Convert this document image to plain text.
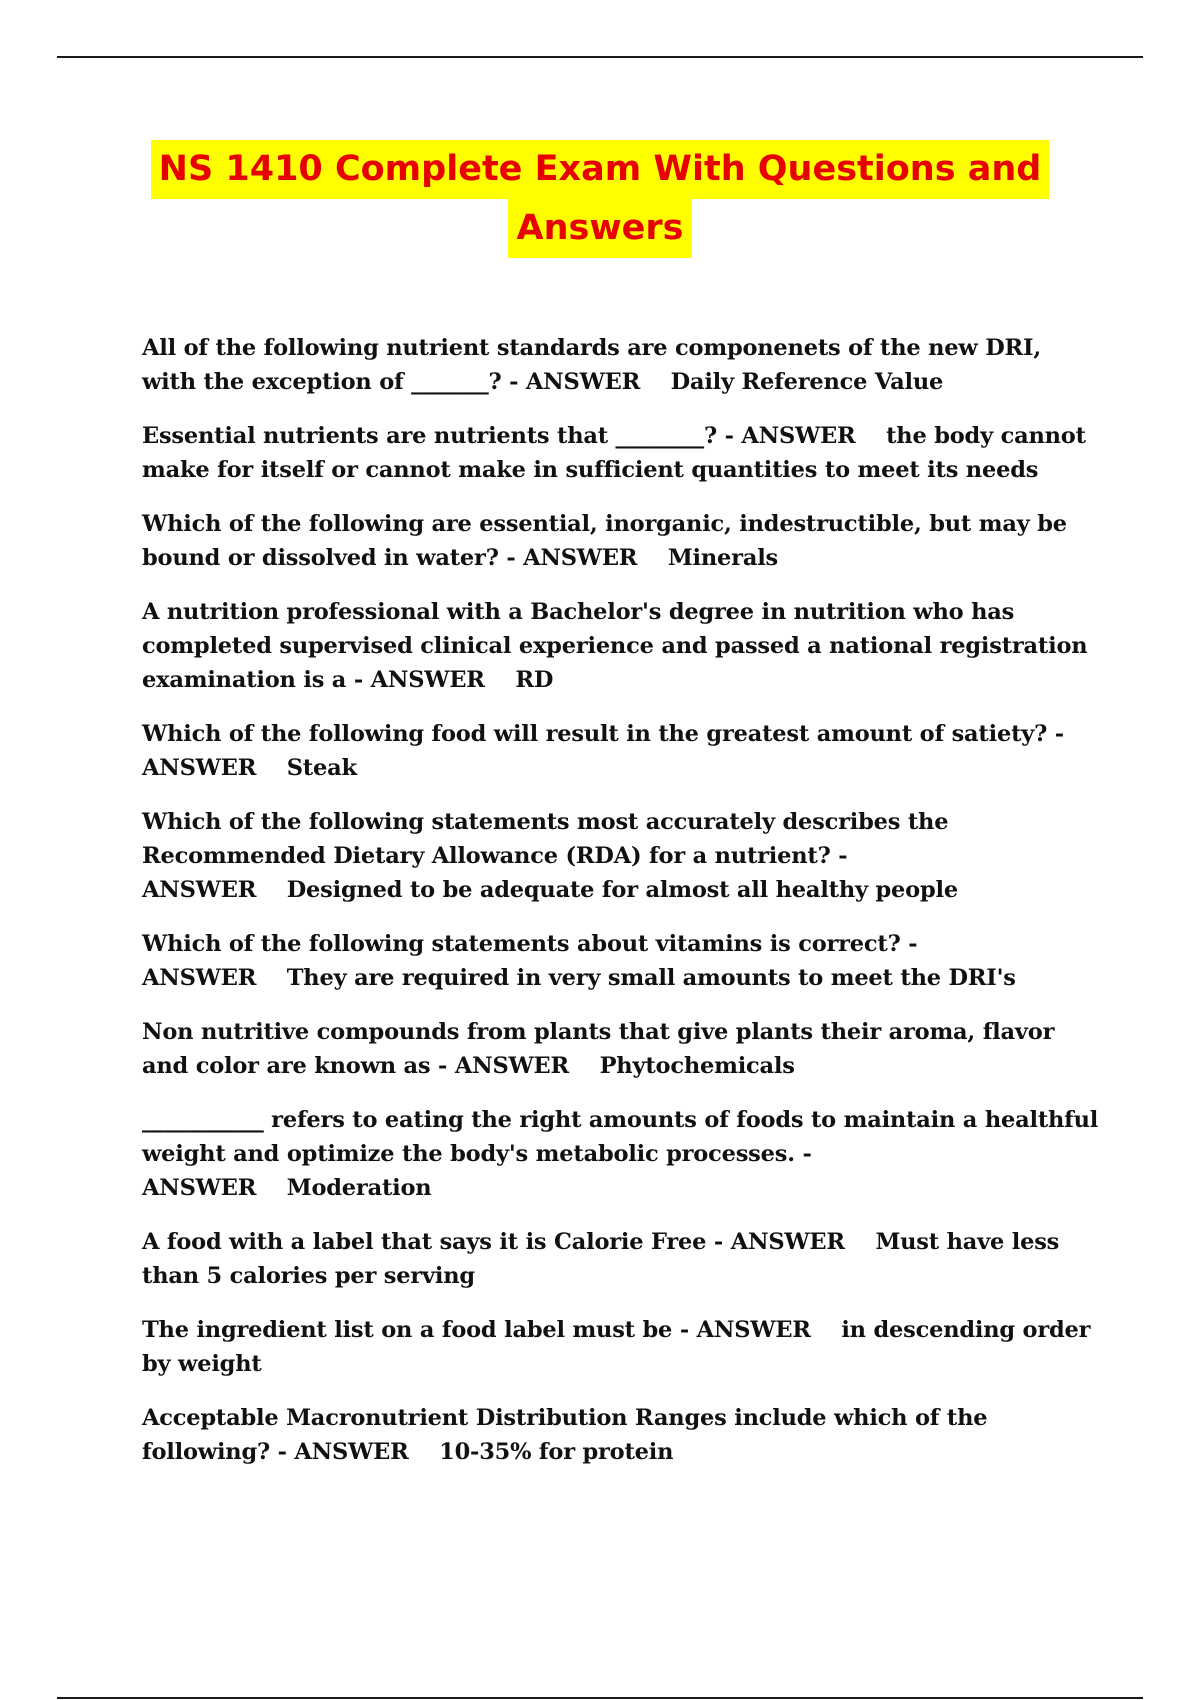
NS 1410 Complete Exam With Questions and
Answers

All of the following nutrient standards are componenets of the new DRI, with the exception of _______? - ANSWER Daily Reference Value

Essential nutrients are nutrients that ________? - ANSWER the body cannot make for itself or cannot make in sufficient quantities to meet its needs

Which of the following are essential, inorganic, indestructible, but may be bound or dissolved in water? - ANSWER Minerals

A nutrition professional with a Bachelor's degree in nutrition who has completed supervised clinical experience and passed a national registration examination is a - ANSWER RD

Which of the following food will result in the greatest amount of satiety? - ANSWER Steak

Which of the following statements most accurately describes the Recommended Dietary Allowance (RDA) for a nutrient? - ANSWER Designed to be adequate for almost all healthy people

Which of the following statements about vitamins is correct? - ANSWER They are required in very small amounts to meet the DRI's

Non nutritive compounds from plants that give plants their aroma, flavor and color are known as - ANSWER Phytochemicals

___________ refers to eating the right amounts of foods to maintain a healthful weight and optimize the body's metabolic processes. - ANSWER Moderation

A food with a label that says it is Calorie Free - ANSWER Must have less than 5 calories per serving

The ingredient list on a food label must be - ANSWER in descending order by weight

Acceptable Macronutrient Distribution Ranges include which of the following? - ANSWER 10-35% for protein
